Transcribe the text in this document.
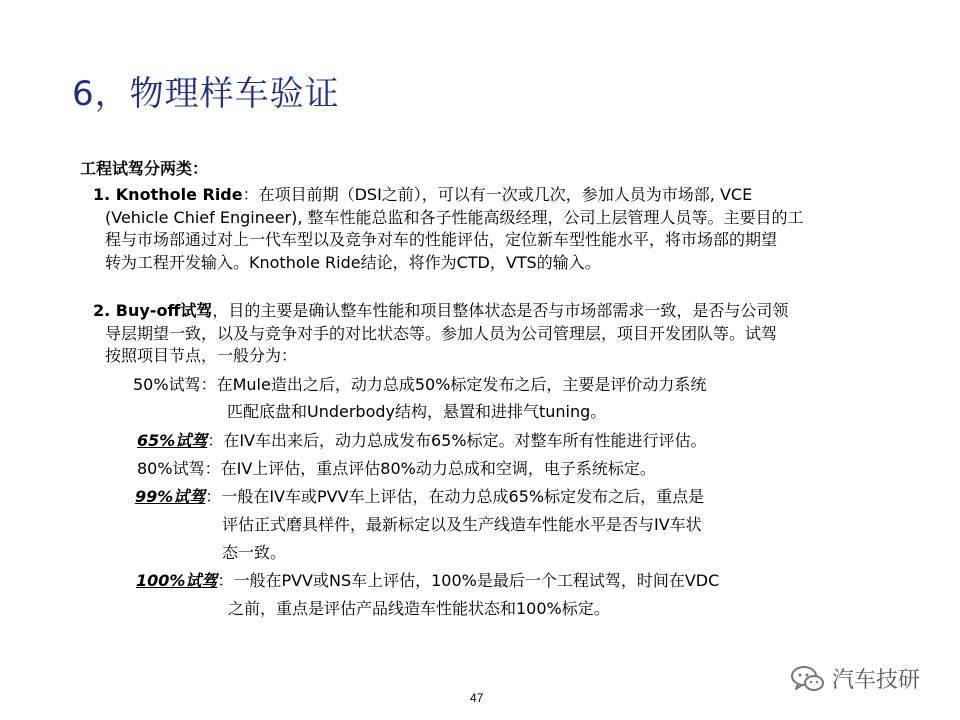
6，物理样车验证
工程试驾分两类：
1. Knothole Ride：在项目前期（DSI之前），可以有一次或几次，参加人员为市场部, VCE
(Vehicle Chief Engineer), 整车性能总监和各子性能高级经理，公司上层管理人员等。主要目的工
程与市场部通过对上一代车型以及竞争对车的性能评估，定位新车型性能水平，将市场部的期望
转为工程开发输入。Knothole Ride结论，将作为CTD，VTS的输入。
2. Buy-off试驾，目的主要是确认整车性能和项目整体状态是否与市场部需求一致，是否与公司领
导层期望一致，以及与竞争对手的对比状态等。参加人员为公司管理层，项目开发团队等。试驾
按照项目节点，一般分为：
50%试驾：在Mule造出之后，动力总成50%标定发布之后，主要是评价动力系统
匹配底盘和Underbody结构，悬置和进排气tuning。
65%试驾：在IV车出来后，动力总成发布65%标定。对整车所有性能进行评估。
80%试驾：在IV上评估，重点评估80%动力总成和空调，电子系统标定。
99%试驾：一般在IV车或PVV车上评估，在动力总成65%标定发布之后，重点是
评估正式磨具样件，最新标定以及生产线造车性能水平是否与IV车状
态一致。
100%试驾：一般在PVV或NS车上评估，100%是最后一个工程试驾，时间在VDC
之前，重点是评估产品线造车性能状态和100%标定。
47
汽车技研
